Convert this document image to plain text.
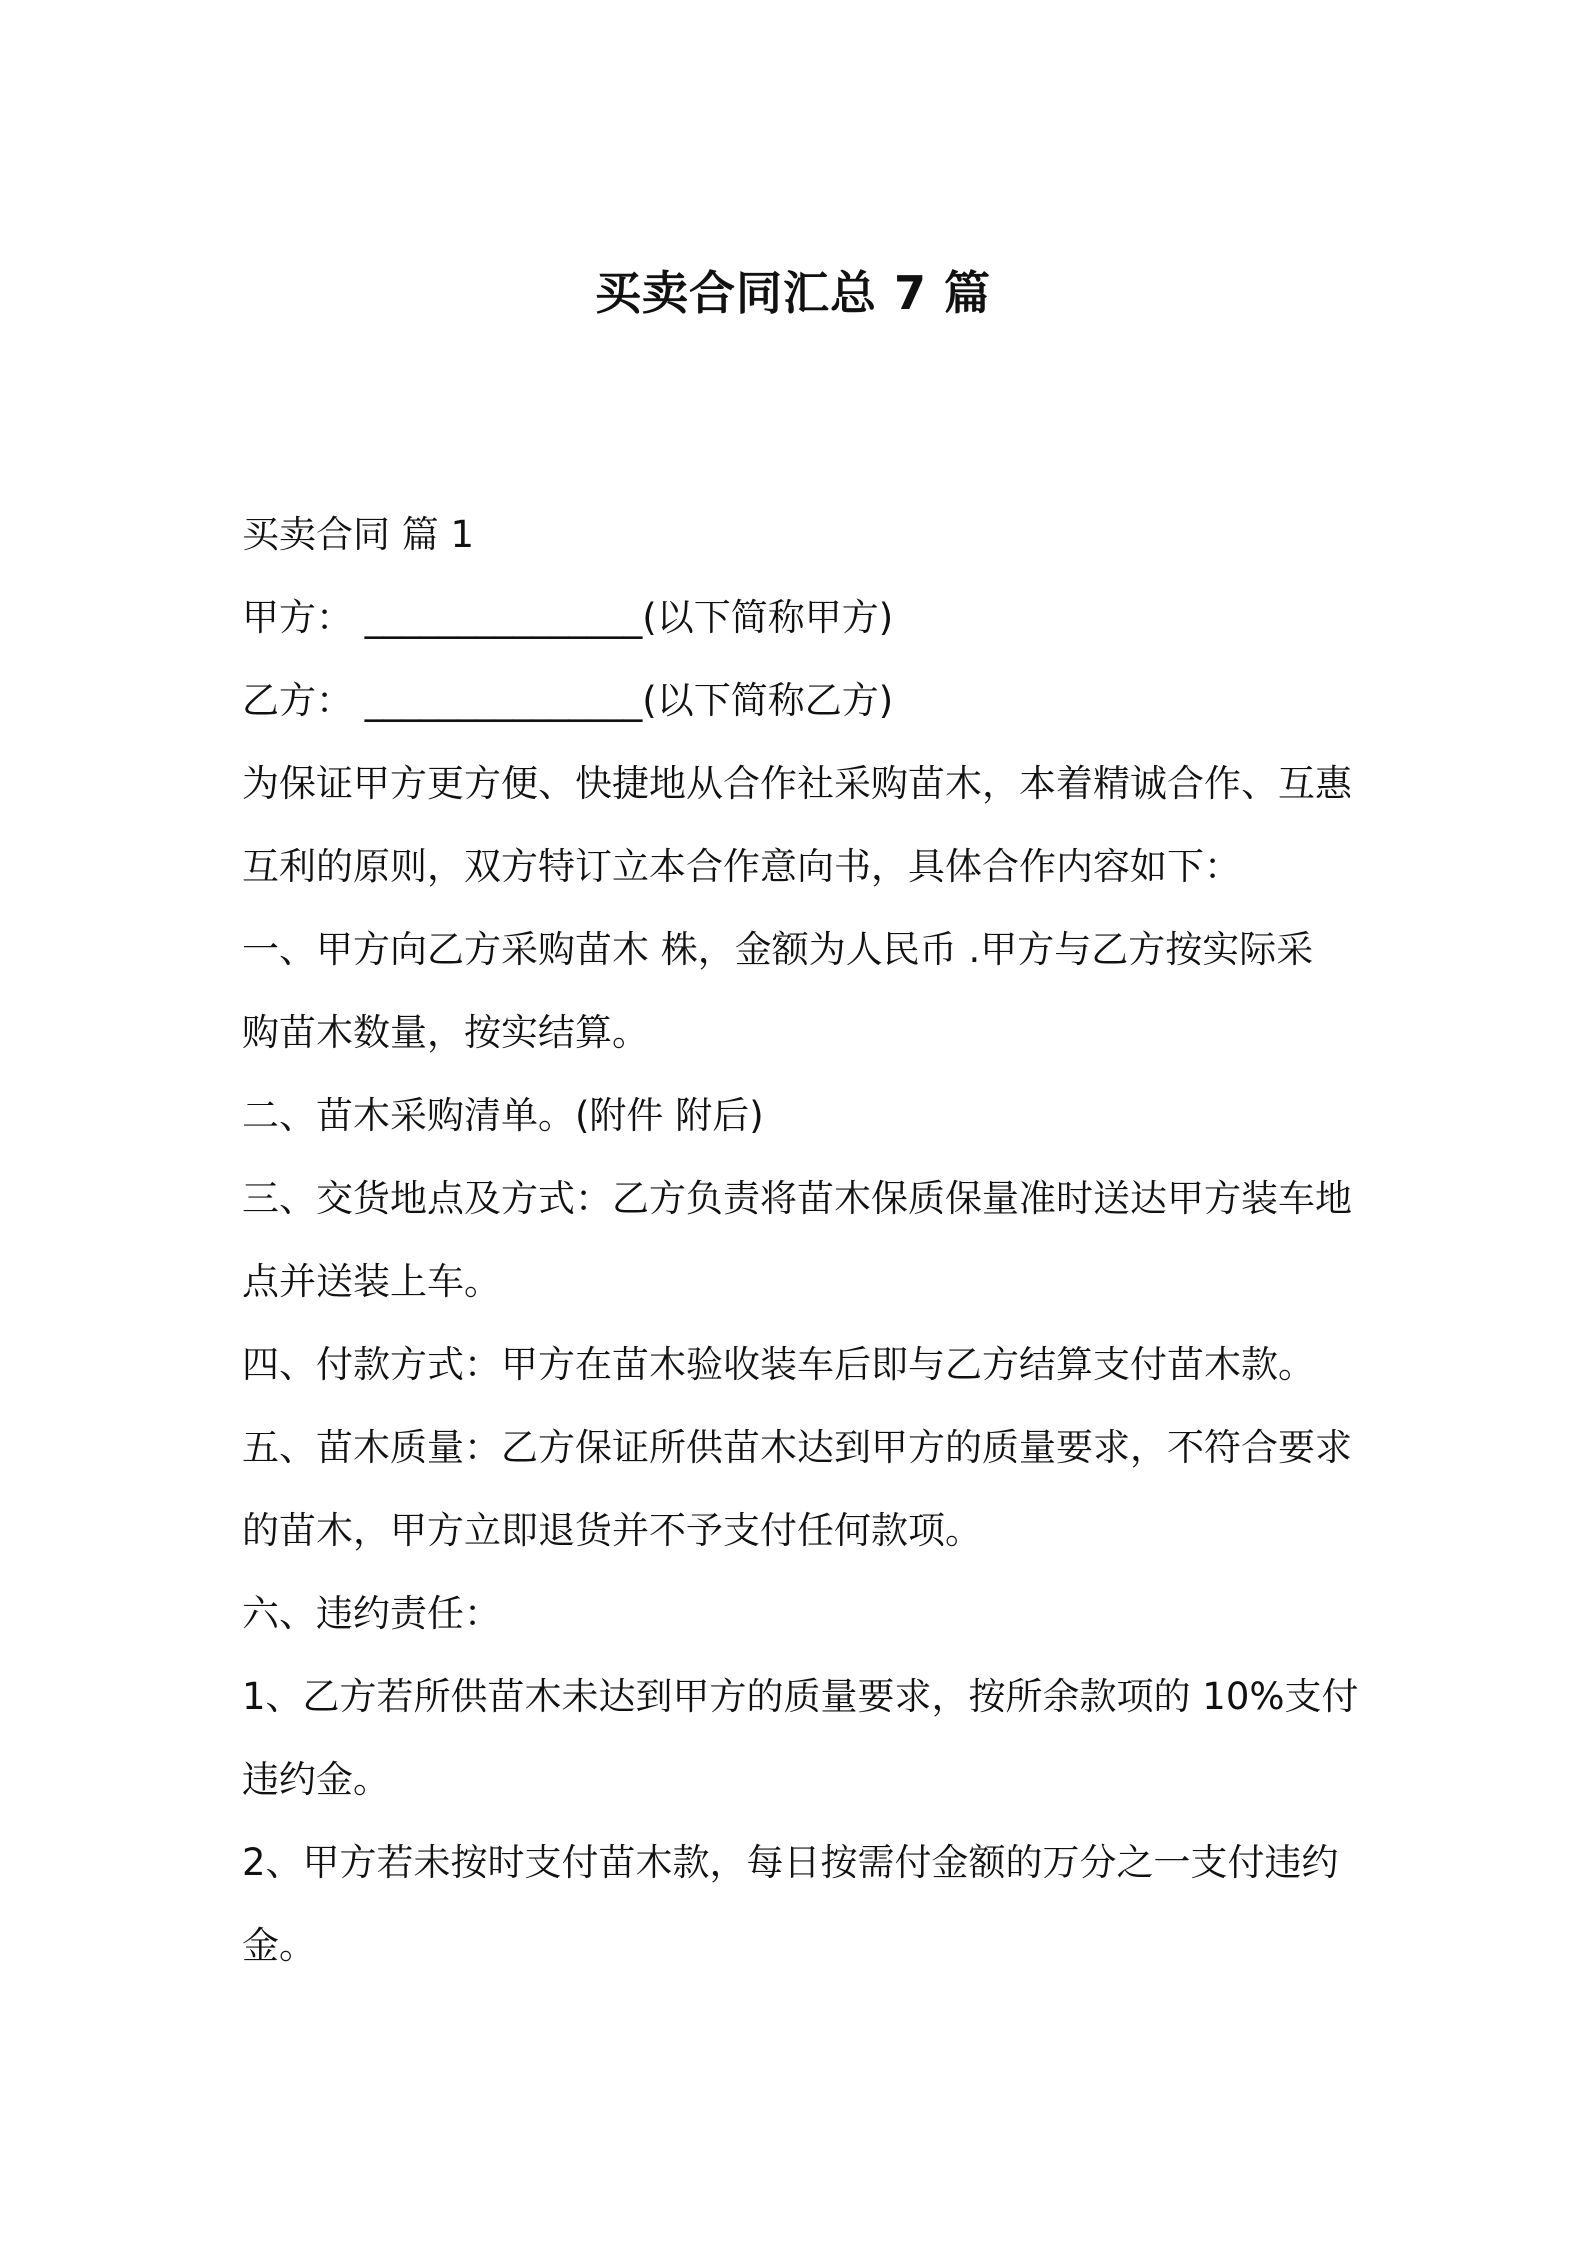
买卖合同汇总 7 篇

买卖合同 篇 1

甲方： _______________(以下简称甲方)

乙方： _______________(以下简称乙方)

为保证甲方更方便、快捷地从合作社采购苗木，本着精诚合作、互惠

互利的原则，双方特订立本合作意向书，具体合作内容如下：

一、甲方向乙方采购苗木 株，金额为人民币 .甲方与乙方按实际采

购苗木数量，按实结算。

二、苗木采购清单。(附件 附后)

三、交货地点及方式：乙方负责将苗木保质保量准时送达甲方装车地

点并送装上车。

四、付款方式：甲方在苗木验收装车后即与乙方结算支付苗木款。

五、苗木质量：乙方保证所供苗木达到甲方的质量要求，不符合要求

的苗木，甲方立即退货并不予支付任何款项。

六、违约责任：

1、乙方若所供苗木未达到甲方的质量要求，按所余款项的 10%支付

违约金。

2、甲方若未按时支付苗木款，每日按需付金额的万分之一支付违约

金。
